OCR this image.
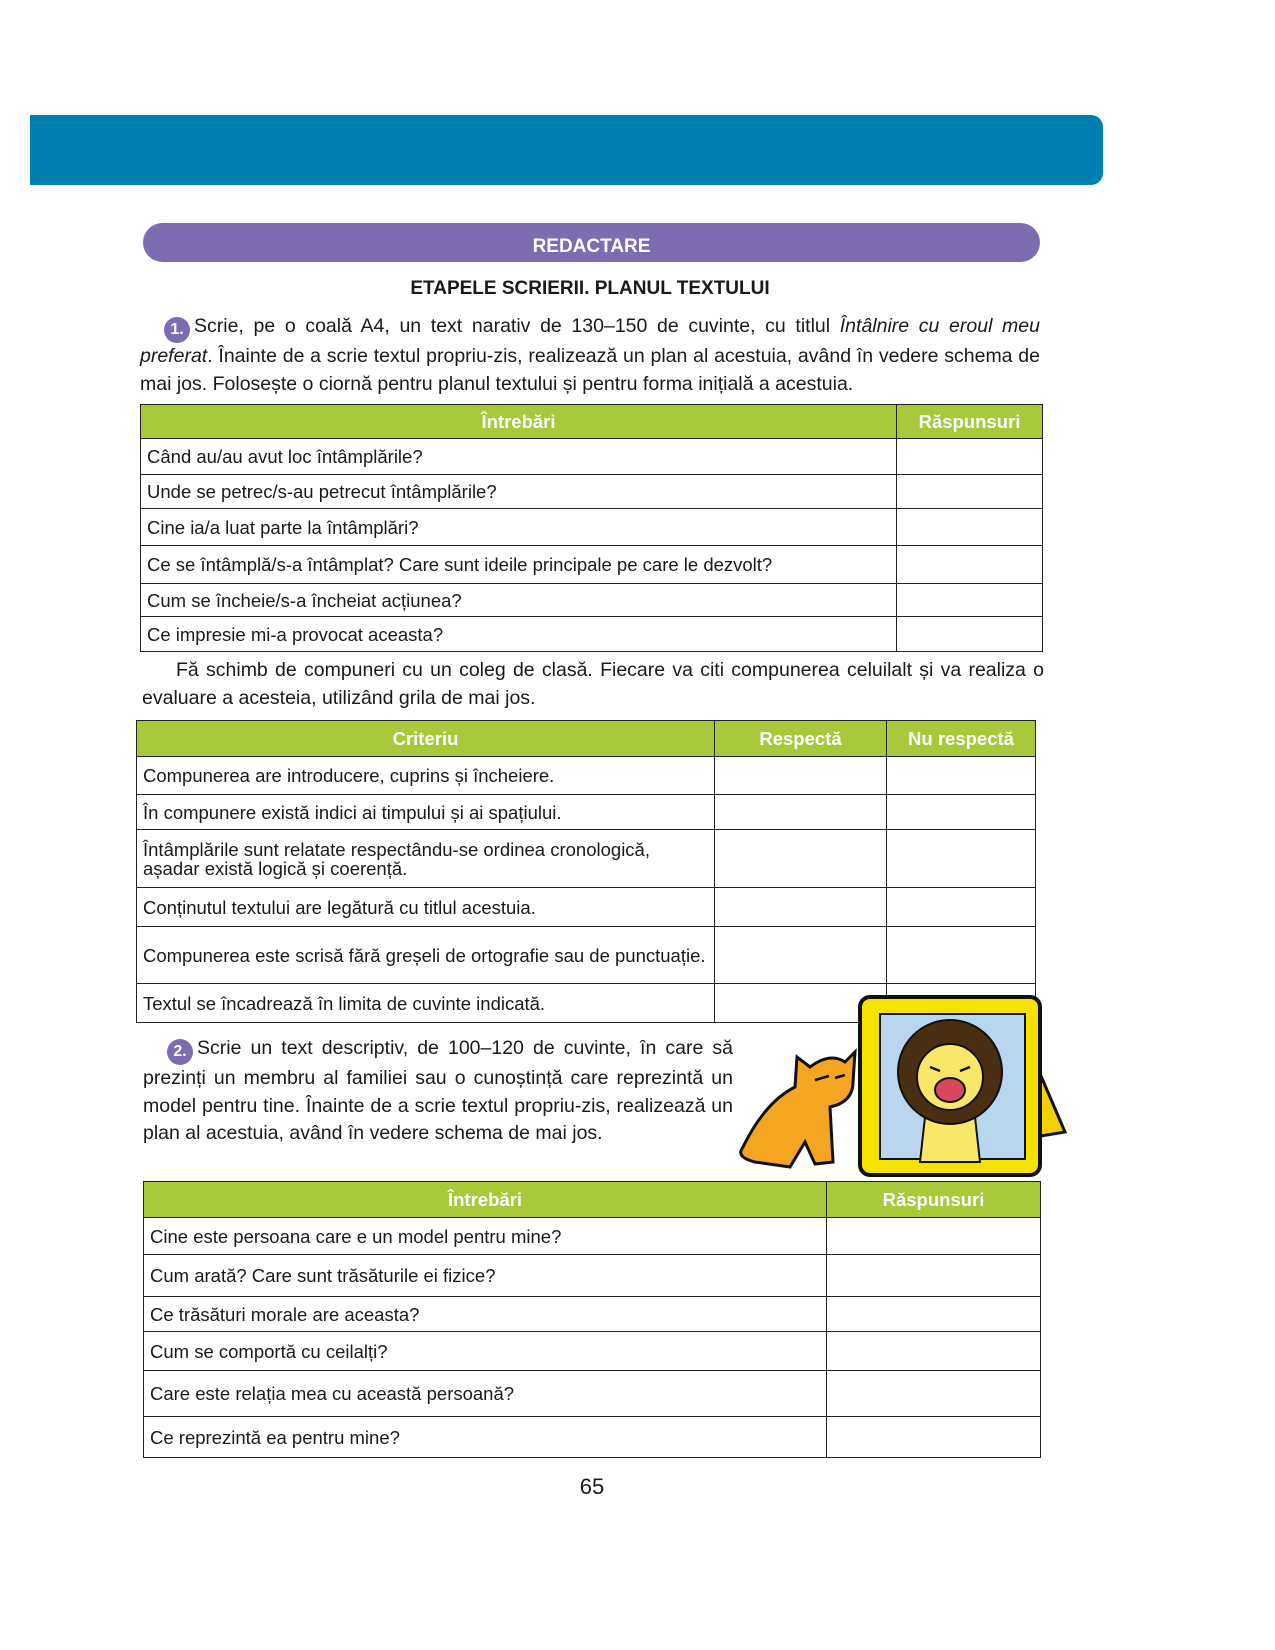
REDACTARE
ETAPELE SCRIERII. PLANUL TEXTULUI
1. Scrie, pe o coală A4, un text narativ de 130–150 de cuvinte, cu titlul Întâlnire cu eroul meu preferat. Înainte de a scrie textul propriu-zis, realizează un plan al acestuia, având în vedere schema de mai jos. Folosește o ciornă pentru planul textului și pentru forma inițială a acestuia.
Întrebări	Răspunsuri
Când au/au avut loc întâmplările?	
Unde se petrec/s-au petrecut întâmplările?	
Cine ia/a luat parte la întâmplări?	
Ce se întâmplă/s-a întâmplat? Care sunt ideile principale pe care le dezvolt?	
Cum se încheie/s-a încheiat acțiunea?	
Ce impresie mi-a provocat aceasta?	
Fă schimb de compuneri cu un coleg de clasă. Fiecare va citi compunerea celuilalt și va realiza o evaluare a acesteia, utilizând grila de mai jos.
Criteriu	Respectă	Nu respectă
Compunerea are introducere, cuprins și încheiere.		
În compunere există indici ai timpului și ai spațiului.		
Întâmplările sunt relatate respectându-se ordinea cronologică, așadar există logică și coerență.		
Conținutul textului are legătură cu titlul acestuia.		
Compunerea este scrisă fără greșeli de ortografie sau de punctuație.		
Textul se încadrează în limita de cuvinte indicată.		
2. Scrie un text descriptiv, de 100–120 de cuvinte, în care să prezinți un membru al familiei sau o cunoștință care reprezintă un model pentru tine. Înainte de a scrie textul propriu-zis, realizează un plan al acestuia, având în vedere schema de mai jos.
Întrebări	Răspunsuri
Cine este persoana care e un model pentru mine?	
Cum arată? Care sunt trăsăturile ei fizice?	
Ce trăsături morale are aceasta?	
Cum se comportă cu ceilalți?	
Care este relația mea cu această persoană?	
Ce reprezintă ea pentru mine?	
65
